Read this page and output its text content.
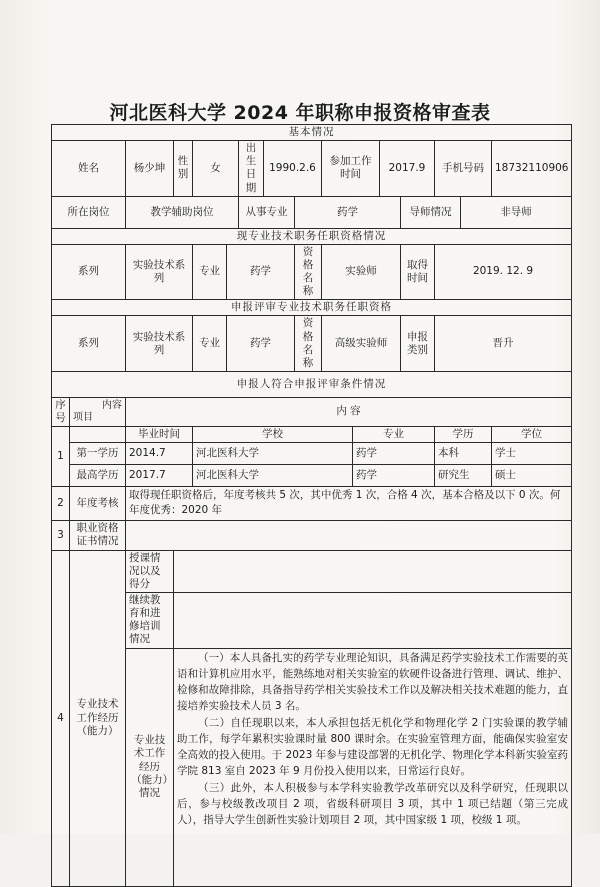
河北医科大学 2024 年职称申报资格审查表
基本情况															
姓名		杨少坤	性别	女		出生日期	1990.2.6		参加工作时间		2017.9		手机号码		18732110906
所在岗位		教学辅助岗位				从事专业		药学				导师情况		非导师	
现专业技术职务任职资格情况															
系列		实验技术系列		专业	药学			资格名称	实验师			取得时间	2019. 12. 9		
申报评审专业技术职务任职资格															
系列		实验技术系列		专业	药学			资格名称	高级实验师			申报类别	晋升		
申报人符合申报评审条件情况															
序号	内容
项目	内 容													
1		毕业时间		学校						专业			学历		学位
	第一学历	2014.7		河北医科大学						药学			本科		学士
	最高学历	2017.7		河北医科大学						药学			研究生		硕士
2	年度考核	取得现任职资格后，年度考核共 5 次，其中优秀 1 次，合格 4 次，基本合格及以下 0 次。何年度优秀：2020 年													
3	职业资格证书情况														
4	专业技术工作经历（能力）	授课情况以及得分													
		继续教育和进修培训情况													
		专业技术工作经历（能力）情况	（一）本人具备扎实的药学专业理论知识，具备满足药学实验技术工作需要的英语和计算机应用水平，能熟练地对相关实验室的软硬件设备进行管理、调试、维护、检修和故障排除，具备指导药学相关实验技术工作以及解决相关技术难题的能力，直接培养实验技术人员 3 名。

（二）自任现职以来，本人承担包括无机化学和物理化学 2 门实验课的教学辅助工作，每学年累积实验课时量 800 课时余。在实验室管理方面，能确保实验室安全高效的投入使用。于 2023 年参与建设部署的无机化学、物理化学本科新实验室药学院 813 室自 2023 年 9 月份投入使用以来，日常运行良好。

（三）此外，本人积极参与本学科实验教学改革研究以及科学研究，任现职以后，参与校级教改项目 2 项，省级科研项目 3 项，其中 1 项已结题（第三完成人），指导大学生创新性实验计划项目 2 项，其中国家级 1 项，校级 1 项。												
